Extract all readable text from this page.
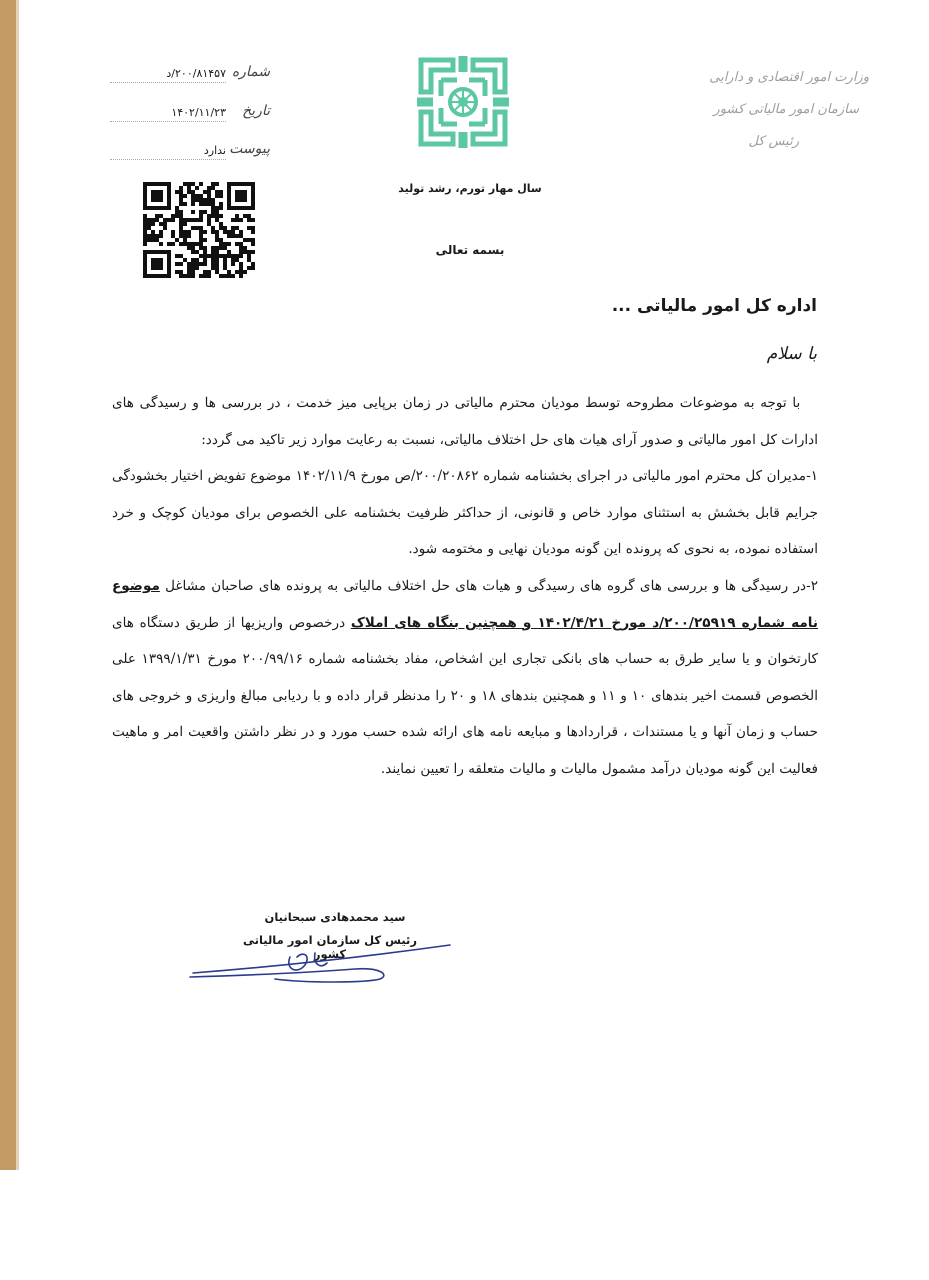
وزارت امور اقتصادی و دارایی
سازمان امور مالیاتی کشور
رئیس کل
سال مهار تورم، رشد تولید
بسمه تعالی
شماره
۲۰۰/۸۱۴۵۷/د
تاریخ
۱۴۰۲/۱۱/۲۳
پیوست
ندارد
اداره کل امور مالیاتی ...
با سلام

با توجه به موضوعات مطروحه توسط مودیان محترم مالیاتی در زمان برپایی میز خدمت ، در بررسی ها و رسیدگی های ادارات کل امور مالیاتی و صدور آرای هیات های حل اختلاف مالیاتی، نسبت به رعایت موارد زیر تاکید می گردد:

۱-مدیران کل محترم امور مالیاتی در اجرای بخشنامه شماره ۲۰۰/۲۰۸۶۲/ص مورخ ۱۴۰۲/۱۱/۹ موضوع تفویض اختیار بخشودگی جرایم قابل بخشش به استثنای موارد خاص و قانونی، از حداکثر ظرفیت بخشنامه علی الخصوص برای مودیان کوچک و خرد استفاده نموده، به نحوی که پرونده این گونه مودیان نهایی و مختومه شود.

۲-در رسیدگی ها و بررسی های گروه های رسیدگی و هیات های حل اختلاف مالیاتی به پرونده های صاحبان مشاغل موضوع نامه شماره ۲۰۰/۲۵۹۱۹/د مورخ ۱۴۰۲/۴/۲۱ و همچنین بنگاه های املاک درخصوص واریزیها از طریق دستگاه های کارتخوان و یا سایر طرق به حساب های بانکی تجاری این اشخاص، مفاد بخشنامه شماره ۲۰۰/۹۹/۱۶ مورخ ۱۳۹۹/۱/۳۱ علی الخصوص قسمت اخیر بندهای ۱۰ و ۱۱ و همچنین بندهای ۱۸ و ۲۰ را مدنظر قرار داده و با ردیابی مبالغ واریزی و خروجی های حساب و زمان آنها و یا مستندات ، قراردادها و مبایعه نامه های ارائه شده حسب مورد و در نظر داشتن واقعیت امر و ماهیت فعالیت این گونه مودیان درآمد مشمول مالیات و مالیات متعلقه را تعیین نمایند.

سید محمدهادی سبحانیان
رئیس کل سازمان امور مالیاتی کشور
